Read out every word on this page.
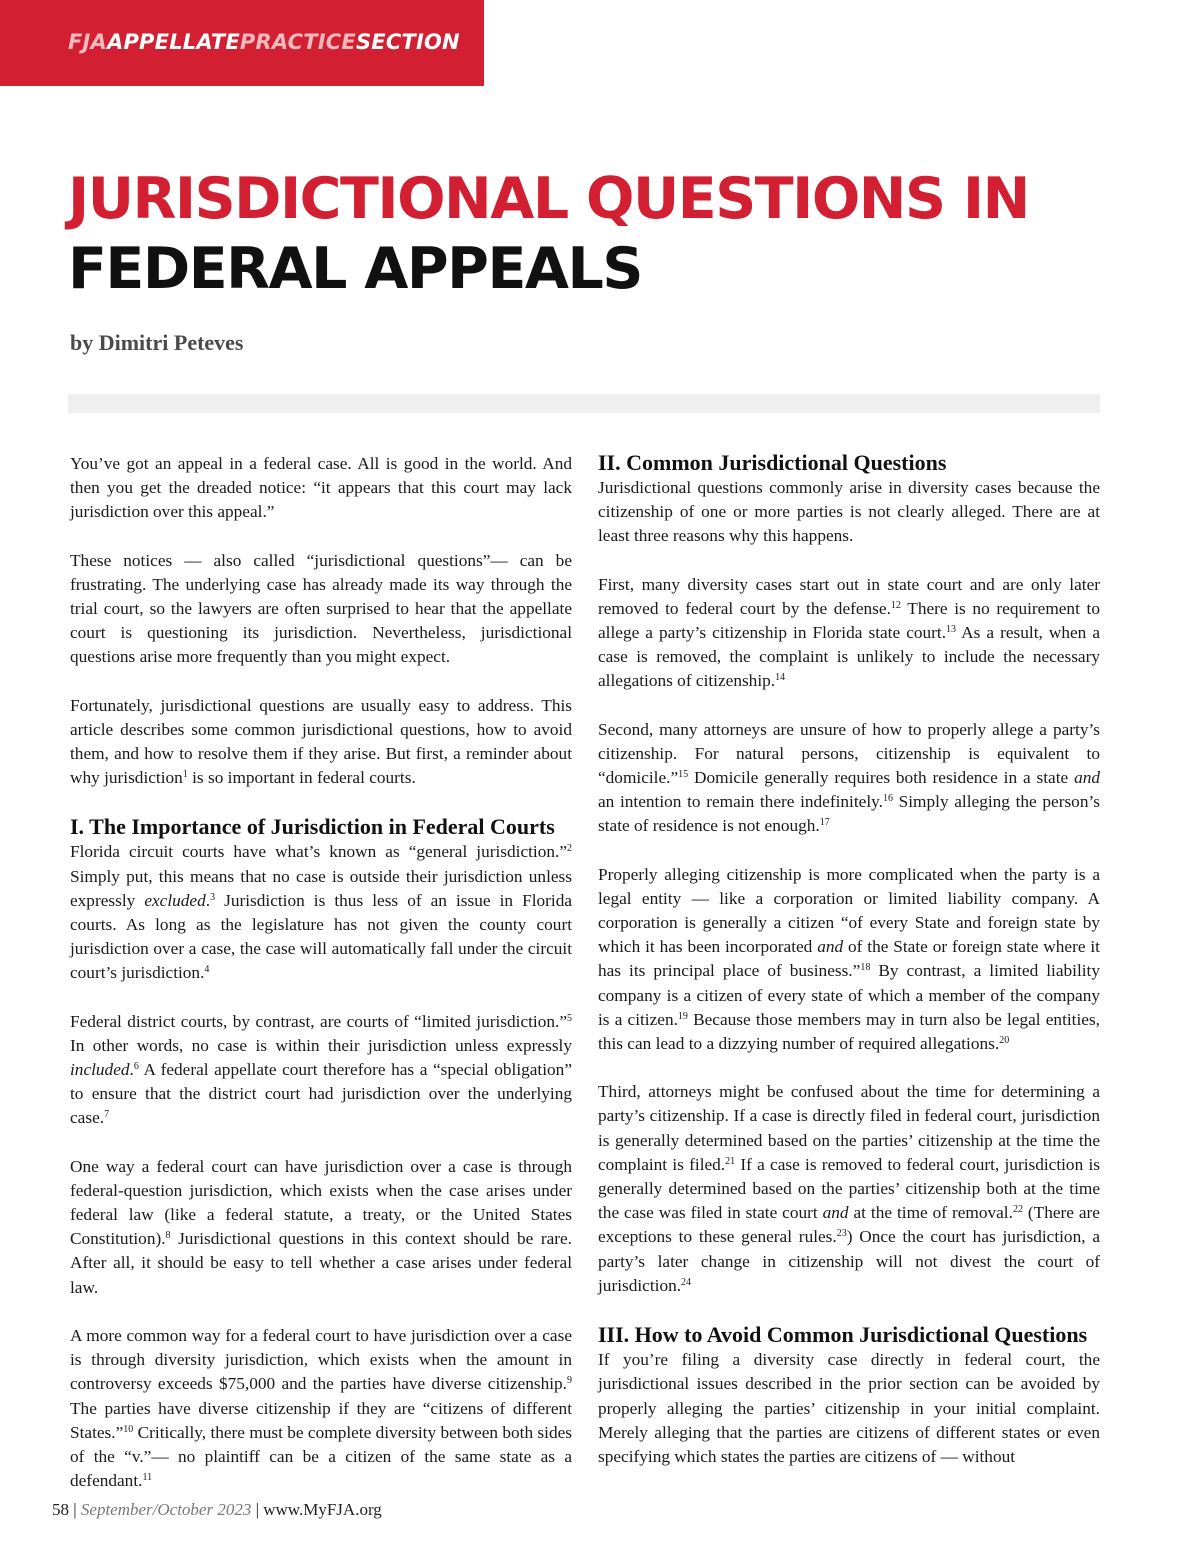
FJAAPPELLATEPRACTICESECTION
JURISDICTIONAL QUESTIONS IN
FEDERAL APPEALS
by Dimitri Peteves

You’ve got an appeal in a federal case. All is good in the world. And then you get the dreaded notice: “it appears that this court may lack jurisdiction over this appeal.”

These notices — also called “jurisdictional questions”— can be frustrating. The underlying case has already made its way through the trial court, so the lawyers are often surprised to hear that the appellate court is questioning its jurisdiction. Nevertheless, jurisdictional questions arise more frequently than you might expect.

Fortunately, jurisdictional questions are usually easy to address. This article describes some common jurisdictional questions, how to avoid them, and how to resolve them if they arise. But first, a reminder about why jurisdiction$^1$ is so important in federal courts.

I. The Importance of Jurisdiction in Federal Courts

Florida circuit courts have what’s known as “general jurisdiction.”$^2$ Simply put, this means that no case is outside their jurisdiction unless expressly excluded.$^3$ Jurisdiction is thus less of an issue in Florida courts. As long as the legislature has not given the county court jurisdiction over a case, the case will automatically fall under the circuit court’s jurisdiction.$^4$

Federal district courts, by contrast, are courts of “limited jurisdiction.”$^5$ In other words, no case is within their jurisdiction unless expressly included.$^6$ A federal appellate court therefore has a “special obligation” to ensure that the district court had jurisdiction over the underlying case.$^7$

One way a federal court can have jurisdiction over a case is through federal-question jurisdiction, which exists when the case arises under federal law (like a federal statute, a treaty, or the United States Constitution).$^8$ Jurisdictional questions in this context should be rare. After all, it should be easy to tell whether a case arises under federal law.

A more common way for a federal court to have jurisdiction over a case is through diversity jurisdiction, which exists when the amount in controversy exceeds $75,000 and the parties have diverse citizenship.$^9$ The parties have diverse citizenship if they are “citizens of different States.”$^{10}$ Critically, there must be complete diversity between both sides of the “v.”— no plaintiff can be a citizen of the same state as a defendant.$^{11}$

II. Common Jurisdictional Questions

Jurisdictional questions commonly arise in diversity cases because the citizenship of one or more parties is not clearly alleged. There are at least three reasons why this happens.

First, many diversity cases start out in state court and are only later removed to federal court by the defense.$^{12}$ There is no requirement to allege a party’s citizenship in Florida state court.$^{13}$ As a result, when a case is removed, the complaint is unlikely to include the necessary allegations of citizenship.$^{14}$

Second, many attorneys are unsure of how to properly allege a party’s citizenship. For natural persons, citizenship is equivalent to “domicile.”$^{15}$ Domicile generally requires both residence in a state and an intention to remain there indefinitely.$^{16}$ Simply alleging the person’s state of residence is not enough.$^{17}$

Properly alleging citizenship is more complicated when the party is a legal entity — like a corporation or limited liability company. A corporation is generally a citizen “of every State and foreign state by which it has been incorporated and of the State or foreign state where it has its principal place of business.”$^{18}$ By contrast, a limited liability company is a citizen of every state of which a member of the company is a citizen.$^{19}$ Because those members may in turn also be legal entities, this can lead to a dizzying number of required allegations.$^{20}$

Third, attorneys might be confused about the time for determining a party’s citizenship. If a case is directly filed in federal court, jurisdiction is generally determined based on the parties’ citizenship at the time the complaint is filed.$^{21}$ If a case is removed to federal court, jurisdiction is generally determined based on the parties’ citizenship both at the time the case was filed in state court and at the time of removal.$^{22}$ (There are exceptions to these general rules.$^{23}$) Once the court has jurisdiction, a party’s later change in citizenship will not divest the court of jurisdiction.$^{24}$

III. How to Avoid Common Jurisdictional Questions

If you’re filing a diversity case directly in federal court, the jurisdictional issues described in the prior section can be avoided by properly alleging the parties’ citizenship in your initial complaint. Merely alleging that the parties are citizens of different states or even specifying which states the parties are citizens of — without

58 | September/October 2023 | www.MyFJA.org
